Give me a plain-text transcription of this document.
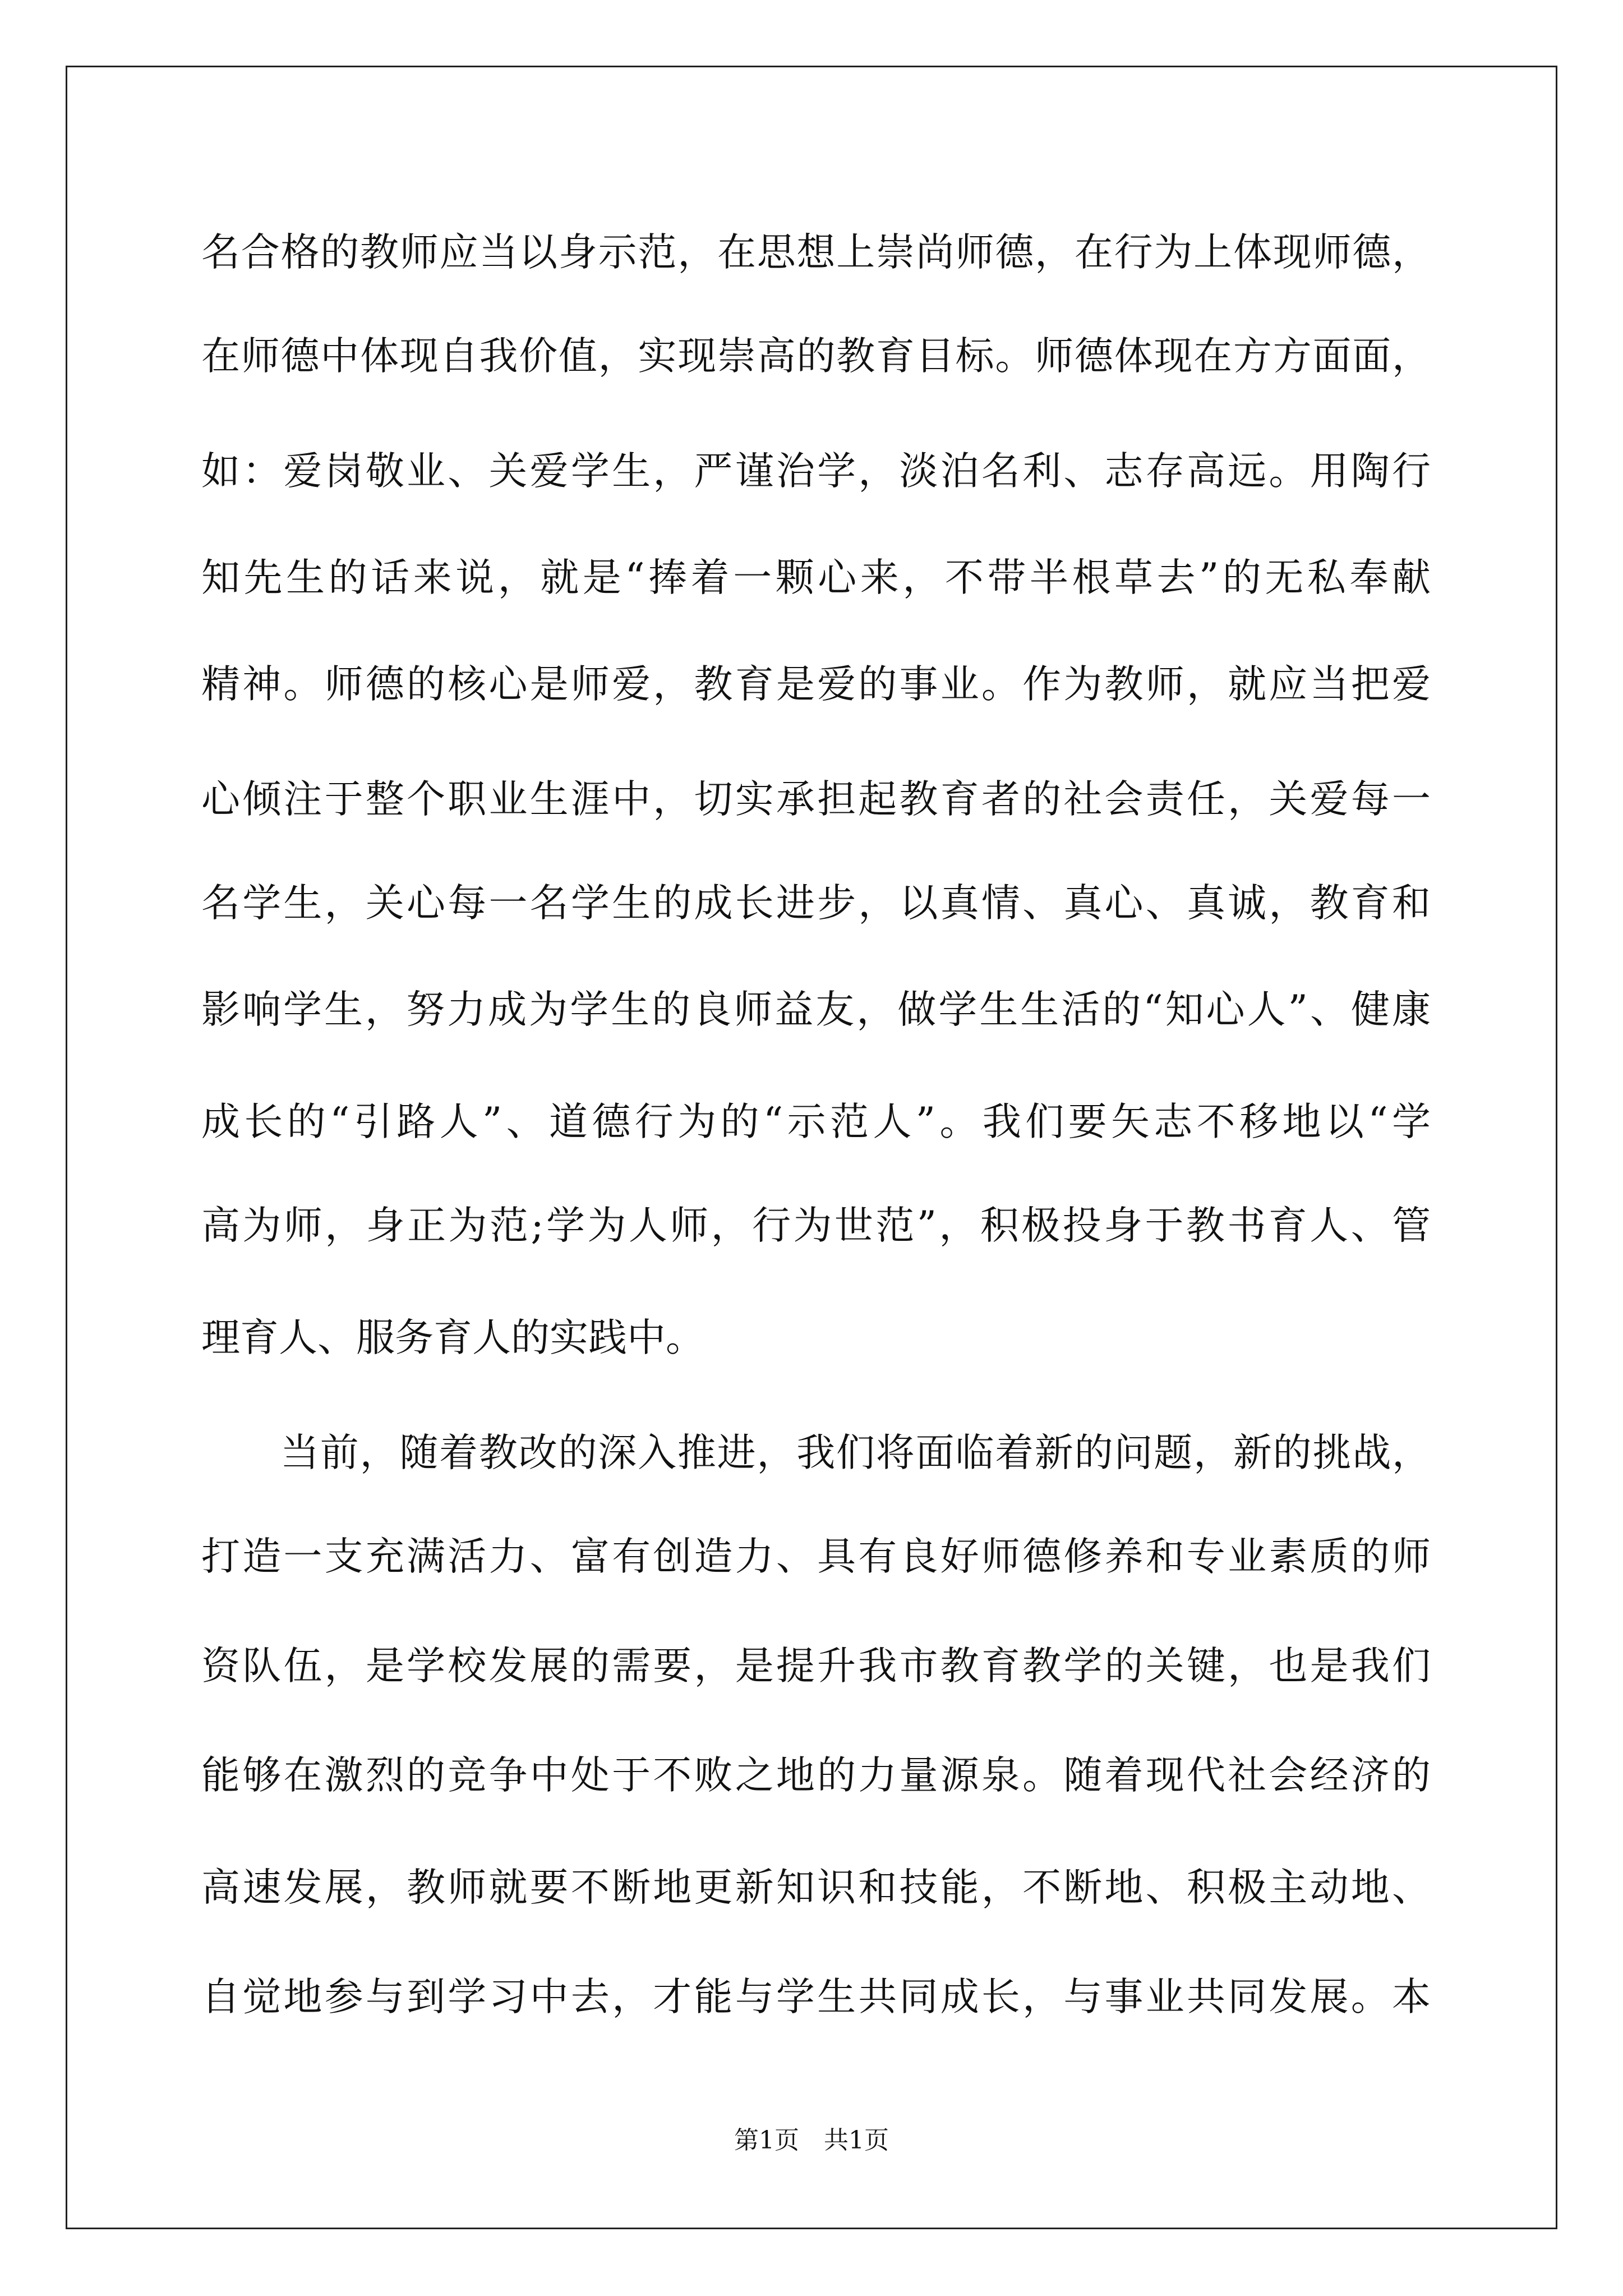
名合格的教师应当以身示范，在思想上崇尚师德，在行为上体现师德，
在师德中体现自我价值，实现崇高的教育目标。师德体现在方方面面，
如：爱岗敬业、关爱学生，严谨治学，淡泊名利、志存高远。用陶行
知先生的话来说，就是“捧着一颗心来，不带半根草去”的无私奉献
精神。师德的核心是师爱，教育是爱的事业。作为教师，就应当把爱
心倾注于整个职业生涯中，切实承担起教育者的社会责任，关爱每一
名学生，关心每一名学生的成长进步，以真情、真心、真诚，教育和
影响学生，努力成为学生的良师益友，做学生生活的“知心人”、健康
成长的“引路人”、道德行为的“示范人”。我们要矢志不移地以“学
高为师，身正为范;学为人师，行为世范”，积极投身于教书育人、管
理育人、服务育人的实践中。
当前，随着教改的深入推进，我们将面临着新的问题，新的挑战，
打造一支充满活力、富有创造力、具有良好师德修养和专业素质的师
资队伍，是学校发展的需要，是提升我市教育教学的关键，也是我们
能够在激烈的竞争中处于不败之地的力量源泉。随着现代社会经济的
高速发展，教师就要不断地更新知识和技能，不断地、积极主动地、
自觉地参与到学习中去，才能与学生共同成长，与事业共同发展。本
第1页　共1页
